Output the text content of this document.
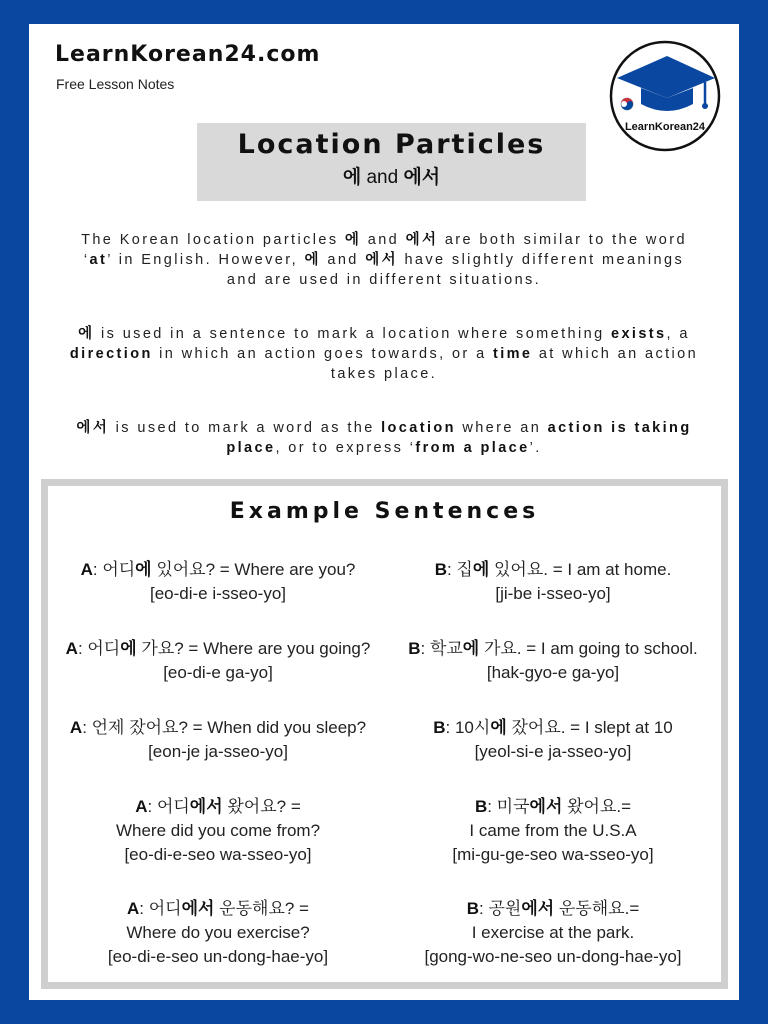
LearnKorean24.com
Free Lesson Notes
LearnKorean24
Location Particles
에 and 에서
The Korean location particles 에 and 에서 are both similar to the word ‘at’ in English. However, 에 and 에서 have slightly different meanings and are used in different situations.
에 is used in a sentence to mark a location where something exists, a direction in which an action goes towards, or a time at which an action takes place.
에서 is used to mark a word as the location where an action is taking place, or to express ‘from a place’.
Example Sentences
A: 어디에 있어요? = Where are you?
[eo-di-e i-sseo-yo]
B: 집에 있어요. = I am at home.
[ji-be i-sseo-yo]
A: 어디에 가요? = Where are you going?
[eo-di-e ga-yo]
B: 학교에 가요. = I am going to school.
[hak-gyo-e ga-yo]
A: 언제 잤어요? = When did you sleep?
[eon-je ja-sseo-yo]
B: 10시에 잤어요. = I slept at 10
[yeol-si-e ja-sseo-yo]
A: 어디에서 왔어요? =
Where did you come from?
[eo-di-e-seo wa-sseo-yo]
B: 미국에서 왔어요.=
I came from the U.S.A
[mi-gu-ge-seo wa-sseo-yo]
A: 어디에서 운동해요? =
Where do you exercise?
[eo-di-e-seo un-dong-hae-yo]
B: 공원에서 운동해요.=
I exercise at the park.
[gong-wo-ne-seo un-dong-hae-yo]
